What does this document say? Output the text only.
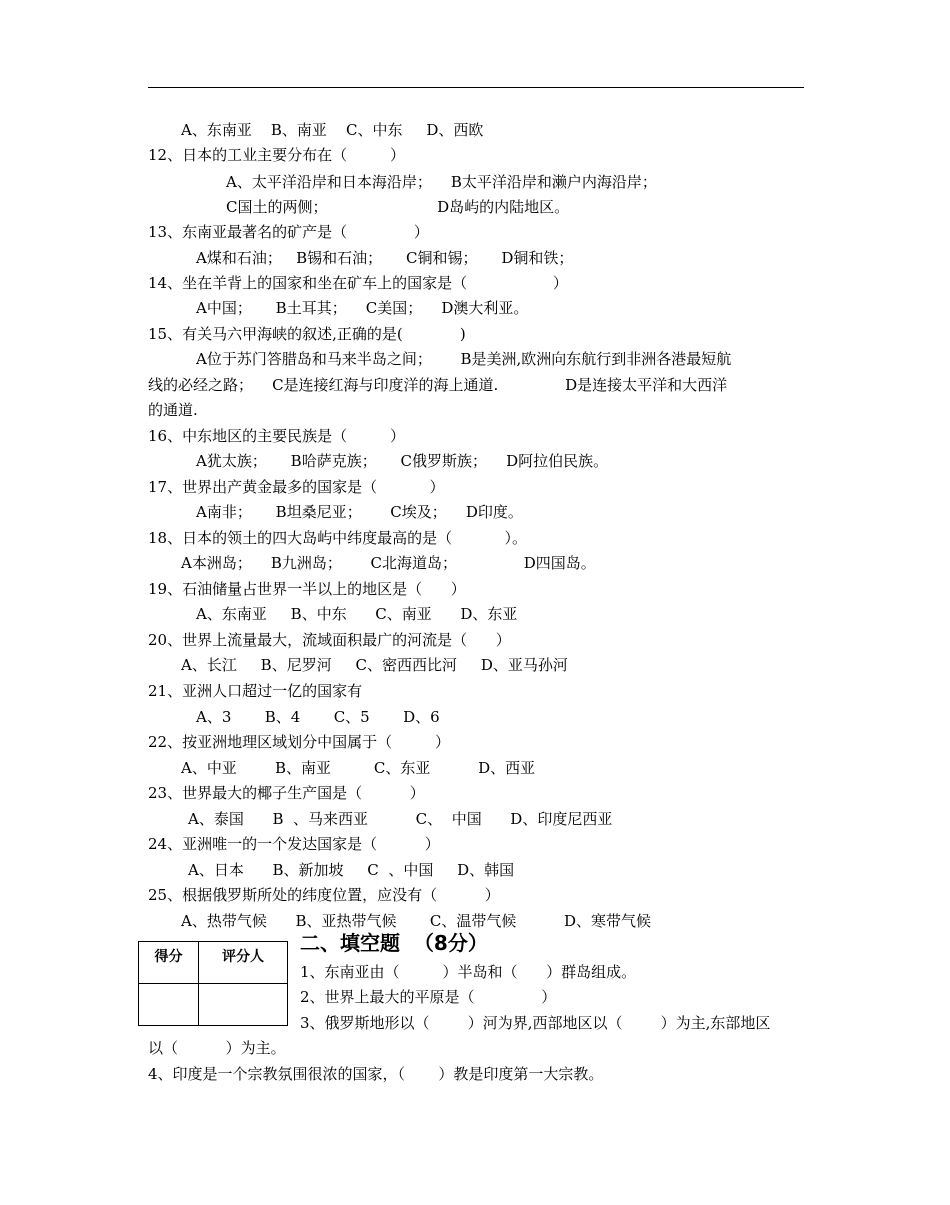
A、东南亚    B、南亚    C、中东     D、西欧
12、日本的工业主要分布在（         ）
A、太平洋沿岸和日本海沿岸；    B太平洋沿岸和濑户内海沿岸；
C国土的两侧；                       D岛屿的内陆地区。
13、东南亚最著名的矿产是（              ）
A煤和石油；   B锡和石油；     C铜和锡；     D铜和铁；
14、坐在羊背上的国家和坐在矿车上的国家是（                  ）
A中国；     B土耳其；    C美国；    D澳大利亚。
15、有关马六甲海峡的叙述,正确的是(            )
A位于苏门答腊岛和马来半岛之间；      B是美洲,欧洲向东航行到非洲各港最短航
线的必经之路；    C是连接红海与印度洋的海上通道.              D是连接太平洋和大西洋
的通道.
16、中东地区的主要民族是（         ）
A犹太族；     B哈萨克族；     C俄罗斯族；    D阿拉伯民族。
17、世界出产黄金最多的国家是（           ）
A南非；     B坦桑尼亚；      C埃及；    D印度。
18、日本的领土的四大岛屿中纬度最高的是（           ）。
A本洲岛；    B九洲岛；      C北海道岛；              D四国岛。
19、石油储量占世界一半以上的地区是（      ）
A、东南亚     B、中东      C、南亚      D、东亚
20、世界上流量最大，流域面积最广的河流是（      ）
A、长江     B、尼罗河     C、密西西比河     D、亚马孙河
21、亚洲人口超过一亿的国家有
A、3       B、4       C、5       D、6
22、按亚洲地理区域划分中国属于（         ）
A、中亚        B、南亚         C、东亚          D、西亚
23、世界最大的椰子生产国是（          ）
A、泰国      B  、马来西亚          C、  中国      D、印度尼西亚
24、亚洲唯一的一个发达国家是（          ）
A、日本      B、新加坡     C  、中国     D、韩国
25、根据俄罗斯所处的纬度位置，应没有（          ）
A、热带气候      B、亚热带气候       C、温带气候          D、寒带气候
得分	评分人

二、填空题  （8分）
1、东南亚由（         ）半岛和（      ）群岛组成。
2、世界上最大的平原是（              ）
3、俄罗斯地形以（        ）河为界,西部地区以（        ）为主,东部地区
以（          ）为主。
4、印度是一个宗教氛围很浓的国家，（       ）教是印度第一大宗教。
